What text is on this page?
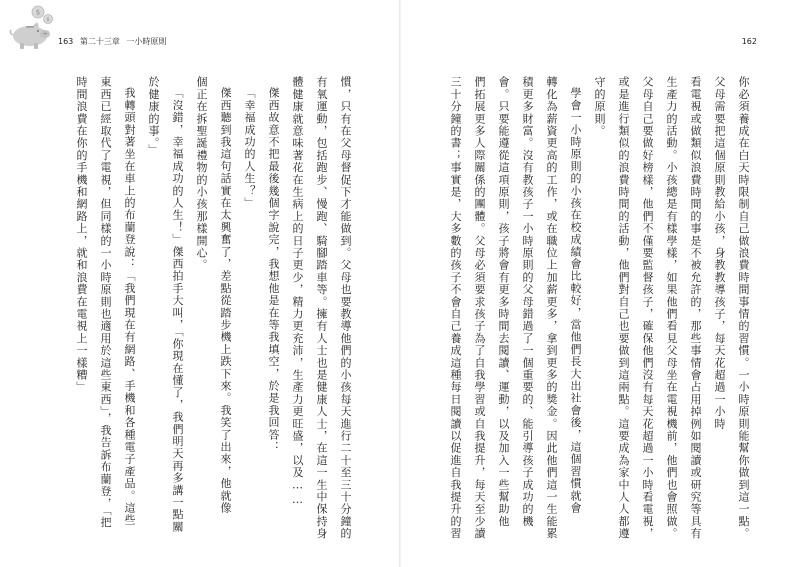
$
$
163 第二十三章 一小時原則	162
你必須養成在白天時限制自己做浪費時間事情的習慣。一小時原則能幫你做到這一點。
父母需要把這個原則教給小孩，身教教導孩子，每天花超過一小時
看電視或做類似浪費時間的事是不被允許的，那些事情會占用掉例如閱讀或研究等具有
生產力的活動。小孩總是有樣學樣，如果他們看見父母坐在電視機前，他們也會照做。
父母自己要做好榜樣，他們不僅要監督孩子，確保他們沒有每天花超過一小時看電視，
或是進行類似的浪費時間的活動，他們對自己也要做到這兩點。這要成為家中人人都遵
守的原則。
學會一小時原則的小孩在校成績會比較好，當他們長大出社會後，這個習慣就會
轉化為薪資更高的工作，或在職位上加薪更多，拿到更多的獎金。因此他們這一生能累
積更多財富。沒有教孩子一小時原則的父母錯過了一個重要的、能引導孩子成功的機
會。只要能遵從這項原則，孩子將會有更多時間去閱讀、運動，以及加入一些幫助他
們拓展更多人際關係的團體。父母必須要求孩子為了自我學習或自我提升，每天至少讀
三十分鐘的書；事實是，大多數的孩子不會自己養成這種每日閱讀以促進自我提升的習
慣，只有在父母督促下才能做到。父母也要教導他們的小孩每天進行二十至三十分鐘的
有氧運動，包括跑步、慢跑、騎腳踏車等。擁有人士也是健康人士，在這一生中保持身
體健康就意味著花在生病上的日子更少，精力更充沛，生產力更旺盛，以及……
傑西故意不把最後幾個字說完，我想他是在等我填空，於是我回答：
「幸福成功的人生？」
傑西聽到我這句話實在太興奮了，差點從踏步機上跌下來。我笑了出來，他就像
個正在拆聖誕禮物的小孩那樣開心。
「沒錯，幸福成功的人生！」傑西拍手大叫，「你現在懂了，我們明天再多講一點關
於健康的事。」
我轉頭對著坐在車上的布蘭登說：「我們現在有網路、手機和各種電子產品。這些
東西已經取代了電視，但同樣的一小時原則也適用於這些東西」，我告訴布蘭登，「把
時間浪費在你的手機和網路上，就和浪費在電視上一樣糟」
